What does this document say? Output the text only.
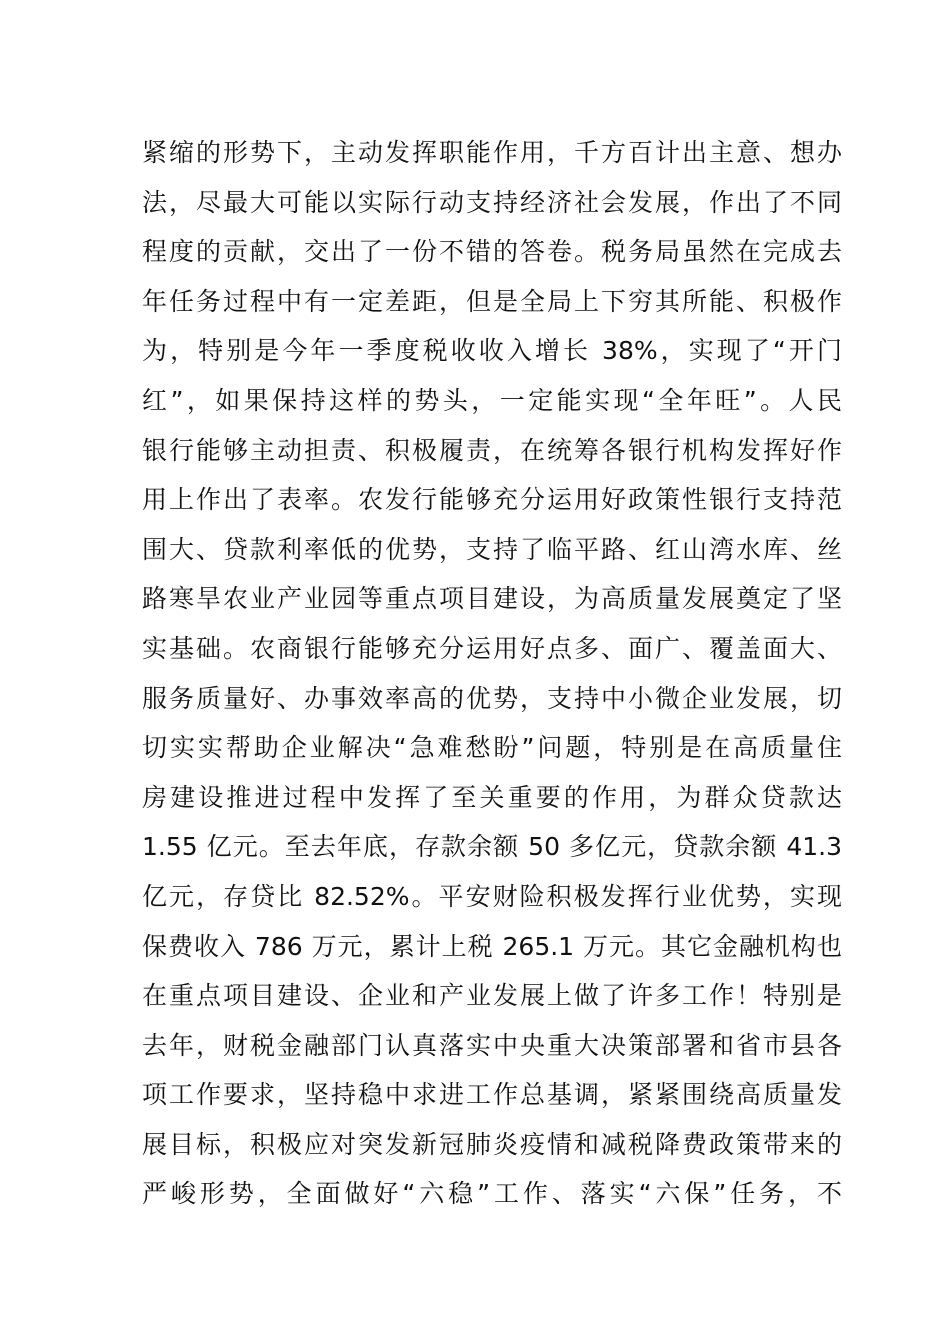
紧缩的形势下，主动发挥职能作用，千方百计出主意、想办
法，尽最大可能以实际行动支持经济社会发展，作出了不同
程度的贡献，交出了一份不错的答卷。税务局虽然在完成去
年任务过程中有一定差距，但是全局上下穷其所能、积极作
为，特别是今年一季度税收收入增长 38%，实现了“开门
红”，如果保持这样的势头，一定能实现“全年旺”。人民
银行能够主动担责、积极履责，在统筹各银行机构发挥好作
用上作出了表率。农发行能够充分运用好政策性银行支持范
围大、贷款利率低的优势，支持了临平路、红山湾水库、丝
路寒旱农业产业园等重点项目建设，为高质量发展奠定了坚
实基础。农商银行能够充分运用好点多、面广、覆盖面大、
服务质量好、办事效率高的优势，支持中小微企业发展，切
切实实帮助企业解决“急难愁盼”问题，特别是在高质量住
房建设推进过程中发挥了至关重要的作用，为群众贷款达
1.55 亿元。至去年底，存款余额 50 多亿元，贷款余额 41.3
亿元，存贷比 82.52%。平安财险积极发挥行业优势，实现
保费收入 786 万元，累计上税 265.1 万元。其它金融机构也
在重点项目建设、企业和产业发展上做了许多工作！特别是
去年，财税金融部门认真落实中央重大决策部署和省市县各
项工作要求，坚持稳中求进工作总基调，紧紧围绕高质量发
展目标，积极应对突发新冠肺炎疫情和减税降费政策带来的
严峻形势，全面做好“六稳”工作、落实“六保”任务，不
